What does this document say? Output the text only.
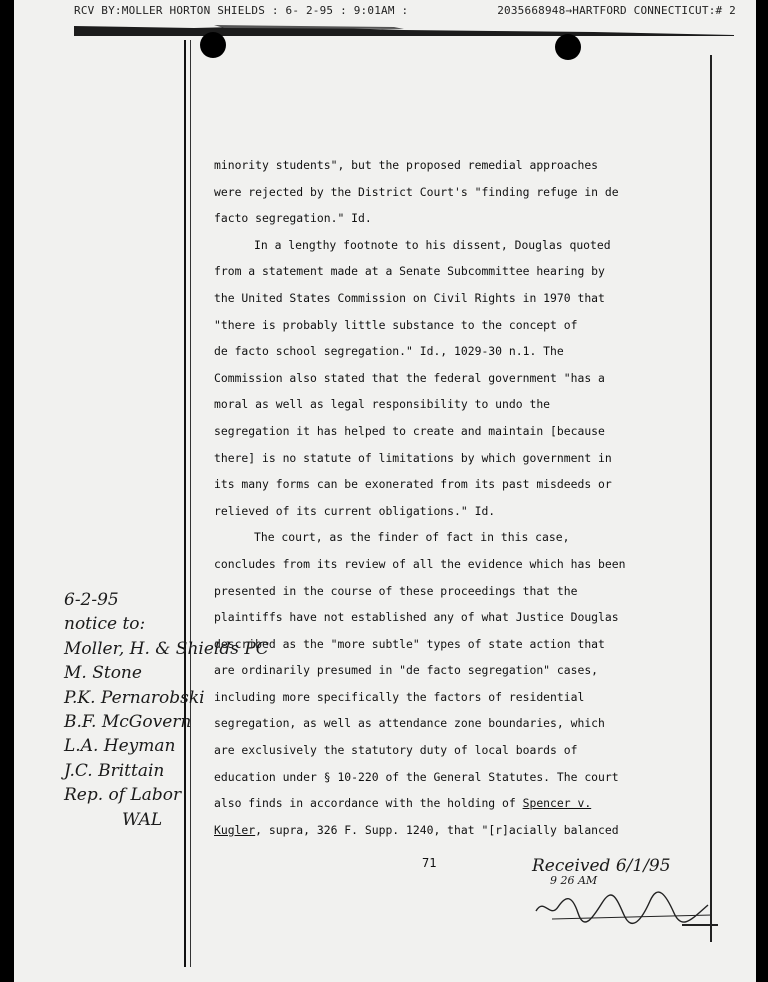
RCV BY:MOLLER HORTON SHIELDS : 6- 2-95 : 9:01AM :	2035668948→HARTFORD CONNECTICUT:# 2
minority students", but the proposed remedial approaches
were rejected by the District Court's "finding refuge in de
facto segregation." Id.
In a lengthy footnote to his dissent, Douglas quoted
from a statement made at a Senate Subcommittee hearing by
the United States Commission on Civil Rights in 1970 that
"there is probably little substance to the concept of
de facto school segregation." Id., 1029-30 n.1. The
Commission also stated that the federal government "has a
moral as well as legal responsibility to undo the
segregation it has helped to create and maintain [because
there] is no statute of limitations by which government in
its many forms can be exonerated from its past misdeeds or
relieved of its current obligations." Id.
The court, as the finder of fact in this case,
concludes from its review of all the evidence which has been
presented in the course of these proceedings that the
plaintiffs have not established any of what Justice Douglas
described as the "more subtle" types of state action that
are ordinarily presumed in "de facto segregation" cases,
including more specifically the factors of residential
segregation, as well as attendance zone boundaries, which
are exclusively the statutory duty of local boards of
education under § 10-220 of the General Statutes. The court
also finds in accordance with the holding of Spencer v.
Kugler, supra, 326 F. Supp. 1240, that "[r]acially balanced
71
6-2-95
notice to:
Moller, H. & Shields PC
M. Stone
P.K. Pernarobski
B.F. McGovern
L.A. Heyman
J.C. Brittain
Rep. of Labor
WAL
Received 6/1/95
9 26 AM
